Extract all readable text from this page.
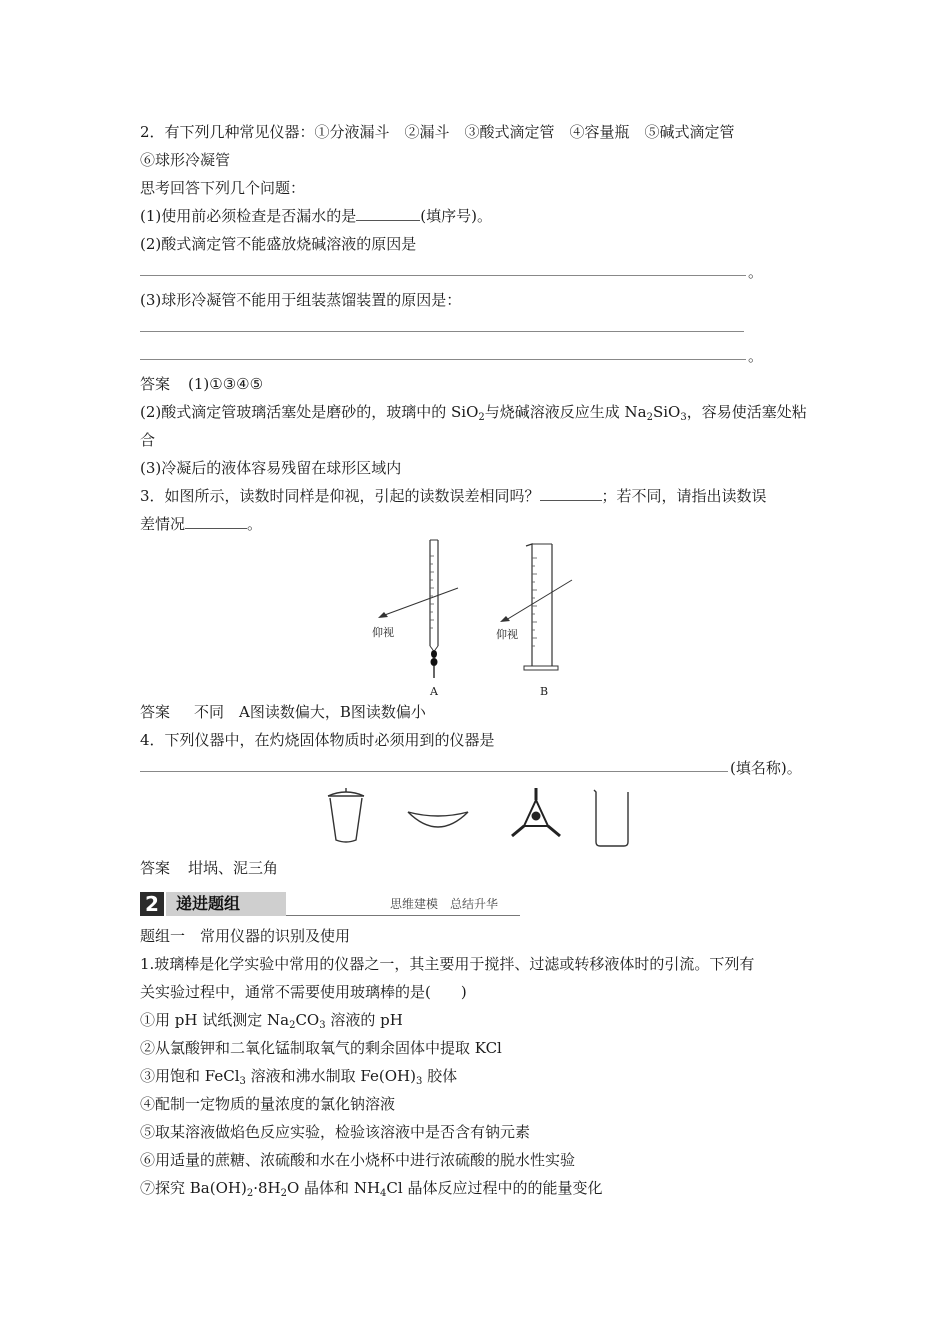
2．有下列几种常见仪器：①分液漏斗　②漏斗　③酸式滴定管　④容量瓶　⑤碱式滴定管
⑥球形冷凝管
思考回答下列几个问题：
(1)使用前必须检查是否漏水的是	(填序号)。
(2)酸式滴定管不能盛放烧碱溶液的原因是
。
(3)球形冷凝管不能用于组装蒸馏装置的原因是：
。
答案 (1)①③④⑤
(2)酸式滴定管玻璃活塞处是磨砂的，玻璃中的 SiO$_2$与烧碱溶液反应生成 $Na_2SiO_3$，容易使活塞处粘合
(3)冷凝后的液体容易残留在球形区域内
3．如图所示，读数时同样是仰视，引起的读数误差相同吗？	；若不同，请指出读数误
差情况	。
仰视
A
仰视
B
答案 不同　A图读数偏大，B图读数偏小
4．下列仪器中，在灼烧固体物质时必须用到的仪器是
(填名称)。
答案 坩埚、泥三角
2	递进题组	思维建模　总结升华
题组一　常用仪器的识别及使用
1.玻璃棒是化学实验中常用的仪器之一，其主要用于搅拌、过滤或转移液体时的引流。下列有
关实验过程中，通常不需要使用玻璃棒的是(　　)
①用 pH 试纸测定 $Na_2CO_3$ 溶液的 pH
②从氯酸钾和二氧化锰制取氧气的剩余固体中提取 KCl
③用饱和 FeCl$_3$ 溶液和沸水制取 $Fe(OH)_3$ 胶体
④配制一定物质的量浓度的氯化钠溶液
⑤取某溶液做焰色反应实验，检验该溶液中是否含有钠元素
⑥用适量的蔗糖、浓硫酸和水在小烧杯中进行浓硫酸的脱水性实验
⑦探究 $Ba(OH)_2\cdot 8H_2O$ 晶体和 $NH_4Cl$ 晶体反应过程中的的能量变化
